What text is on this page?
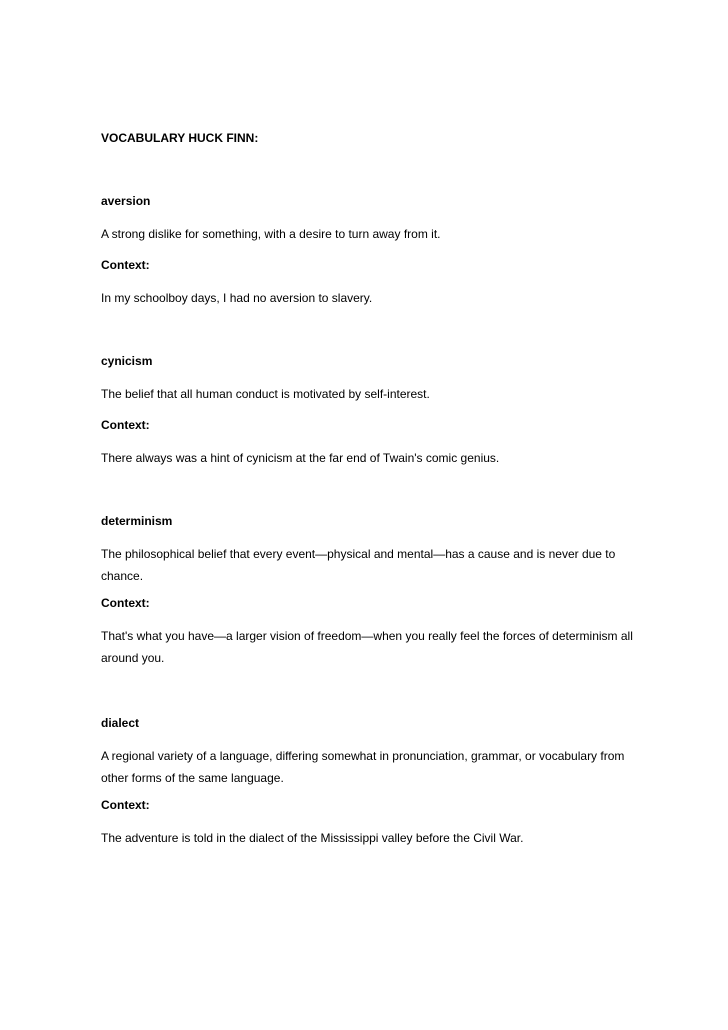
VOCABULARY HUCK FINN:

aversion

A strong dislike for something, with a desire to turn away from it.

Context:

In my schoolboy days, I had no aversion to slavery.

cynicism

The belief that all human conduct is motivated by self-interest.

Context:

There always was a hint of cynicism at the far end of Twain's comic genius.

determinism

The philosophical belief that every event—physical and mental—has a cause and is never due to chance.

Context:

That's what you have—a larger vision of freedom—when you really feel the forces of determinism all around you.

dialect

A regional variety of a language, differing somewhat in pronunciation, grammar, or vocabulary from other forms of the same language.

Context:

The adventure is told in the dialect of the Mississippi valley before the Civil War.
